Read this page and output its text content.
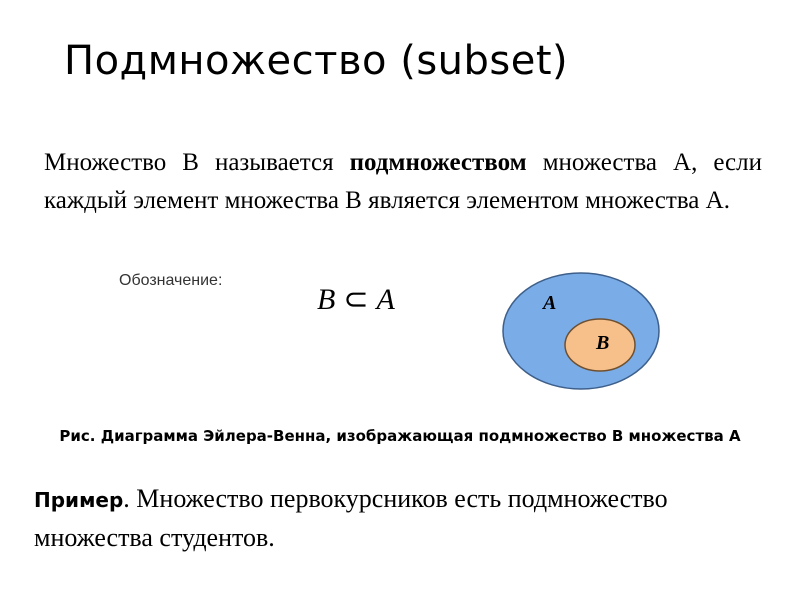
Подмножество (subset)
Множество B называется подмножеством множества A, если каждый элемент множества B является элементом множества A.
Обозначение:
B ⊂ A	A
B
Рис. Диаграмма Эйлера-Венна, изображающая подмножество B множества A
Пример. Множество первокурсников есть подмножество множества студентов.
